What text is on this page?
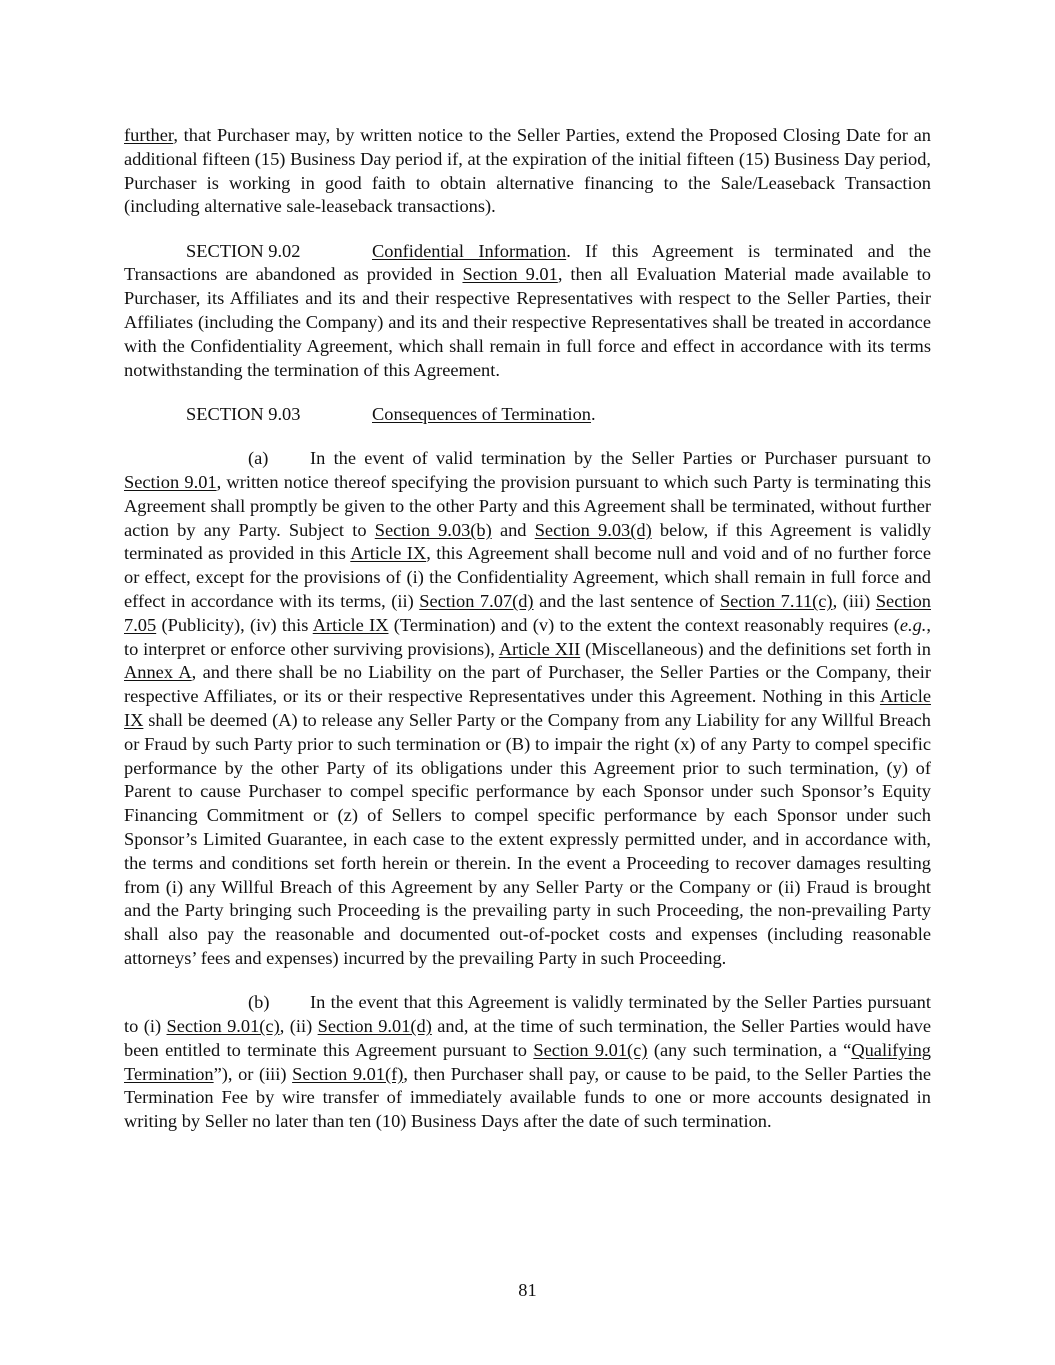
further, that Purchaser may, by written notice to the Seller Parties, extend the Proposed Closing Date for an additional fifteen (15) Business Day period if, at the expiration of the initial fifteen (15) Business Day period, Purchaser is working in good faith to obtain alternative financing to the Sale/Leaseback Transaction (including alternative sale-leaseback transactions).

SECTION 9.02	Confidential Information. If this Agreement is terminated and the Transactions are abandoned as provided in Section 9.01, then all Evaluation Material made available to Purchaser, its Affiliates and its and their respective Representatives with respect to the Seller Parties, their Affiliates (including the Company) and its and their respective Representatives shall be treated in accordance with the Confidentiality Agreement, which shall remain in full force and effect in accordance with its terms notwithstanding the termination of this Agreement.

SECTION 9.03	Consequences of Termination.

(a) In the event of valid termination by the Seller Parties or Purchaser pursuant to Section 9.01, written notice thereof specifying the provision pursuant to which such Party is terminating this Agreement shall promptly be given to the other Party and this Agreement shall be terminated, without further action by any Party. Subject to Section 9.03(b) and Section 9.03(d) below, if this Agreement is validly terminated as provided in this Article IX, this Agreement shall become null and void and of no further force or effect, except for the provisions of (i) the Confidentiality Agreement, which shall remain in full force and effect in accordance with its terms, (ii) Section 7.07(d) and the last sentence of Section 7.11(c), (iii) Section 7.05 (Publicity), (iv) this Article IX (Termination) and (v) to the extent the context reasonably requires (e.g., to interpret or enforce other surviving provisions), Article XII (Miscellaneous) and the definitions set forth in Annex A, and there shall be no Liability on the part of Purchaser, the Seller Parties or the Company, their respective Affiliates, or its or their respective Representatives under this Agreement. Nothing in this Article IX shall be deemed (A) to release any Seller Party or the Company from any Liability for any Willful Breach or Fraud by such Party prior to such termination or (B) to impair the right (x) of any Party to compel specific performance by the other Party of its obligations under this Agreement prior to such termination, (y) of Parent to cause Purchaser to compel specific performance by each Sponsor under such Sponsor’s Equity Financing Commitment or (z) of Sellers to compel specific performance by each Sponsor under such Sponsor’s Limited Guarantee, in each case to the extent expressly permitted under, and in accordance with, the terms and conditions set forth herein or therein. In the event a Proceeding to recover damages resulting from (i) any Willful Breach of this Agreement by any Seller Party or the Company or (ii) Fraud is brought and the Party bringing such Proceeding is the prevailing party in such Proceeding, the non-prevailing Party shall also pay the reasonable and documented out-of-pocket costs and expenses (including reasonable attorneys’ fees and expenses) incurred by the prevailing Party in such Proceeding.

(b) In the event that this Agreement is validly terminated by the Seller Parties pursuant to (i) Section 9.01(c), (ii) Section 9.01(d) and, at the time of such termination, the Seller Parties would have been entitled to terminate this Agreement pursuant to Section 9.01(c) (any such termination, a “Qualifying Termination”), or (iii) Section 9.01(f), then Purchaser shall pay, or cause to be paid, to the Seller Parties the Termination Fee by wire transfer of immediately available funds to one or more accounts designated in writing by Seller no later than ten (10) Business Days after the date of such termination.

81
